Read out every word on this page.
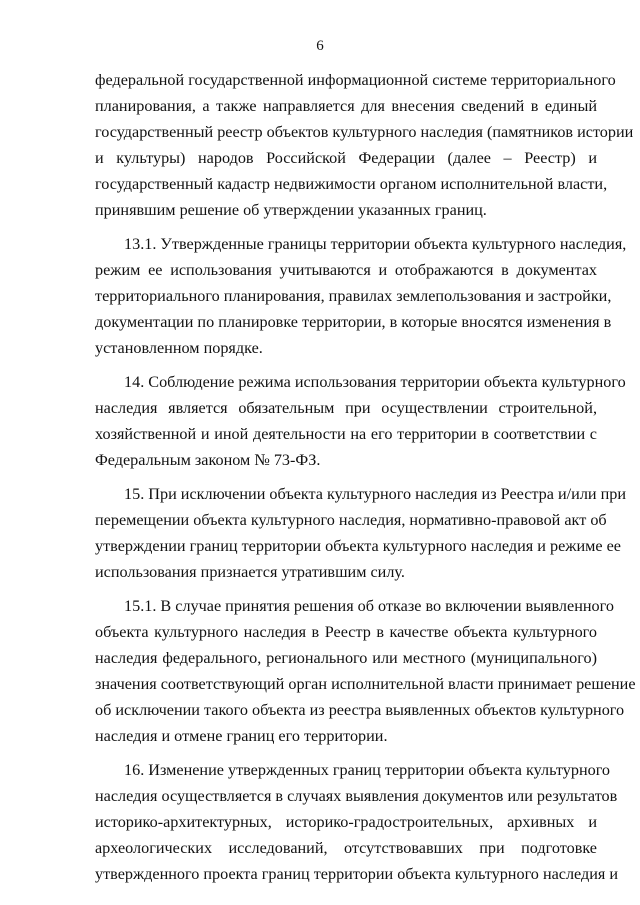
6
федеральной государственной информационной системе территориального
планирования, а также направляется для внесения сведений в единый
государственный реестр объектов культурного наследия (памятников истории
и культуры) народов Российской Федерации (далее – Реестр) и
государственный кадастр недвижимости органом исполнительной власти,
принявшим решение об утверждении указанных границ.
13.1. Утвержденные границы территории объекта культурного наследия,
режим ее использования учитываются и отображаются в документах
территориального планирования, правилах землепользования и застройки,
документации по планировке территории, в которые вносятся изменения в
установленном порядке.
14. Соблюдение режима использования территории объекта культурного
наследия является обязательным при осуществлении строительной,
хозяйственной и иной деятельности на его территории в соответствии с
Федеральным законом № 73-ФЗ.
15. При исключении объекта культурного наследия из Реестра и/или при
перемещении объекта культурного наследия, нормативно-правовой акт об
утверждении границ территории объекта культурного наследия и режиме ее
использования признается утратившим силу.
15.1. В случае принятия решения об отказе во включении выявленного
объекта культурного наследия в Реестр в качестве объекта культурного
наследия федерального, регионального или местного (муниципального)
значения соответствующий орган исполнительной власти принимает решение
об исключении такого объекта из реестра выявленных объектов культурного
наследия и отмене границ его территории.
16. Изменение утвержденных границ территории объекта культурного
наследия осуществляется в случаях выявления документов или результатов
историко-архитектурных, историко-градостроительных, архивных и
археологических исследований, отсутствовавших при подготовке
утвержденного проекта границ территории объекта культурного наследия и
